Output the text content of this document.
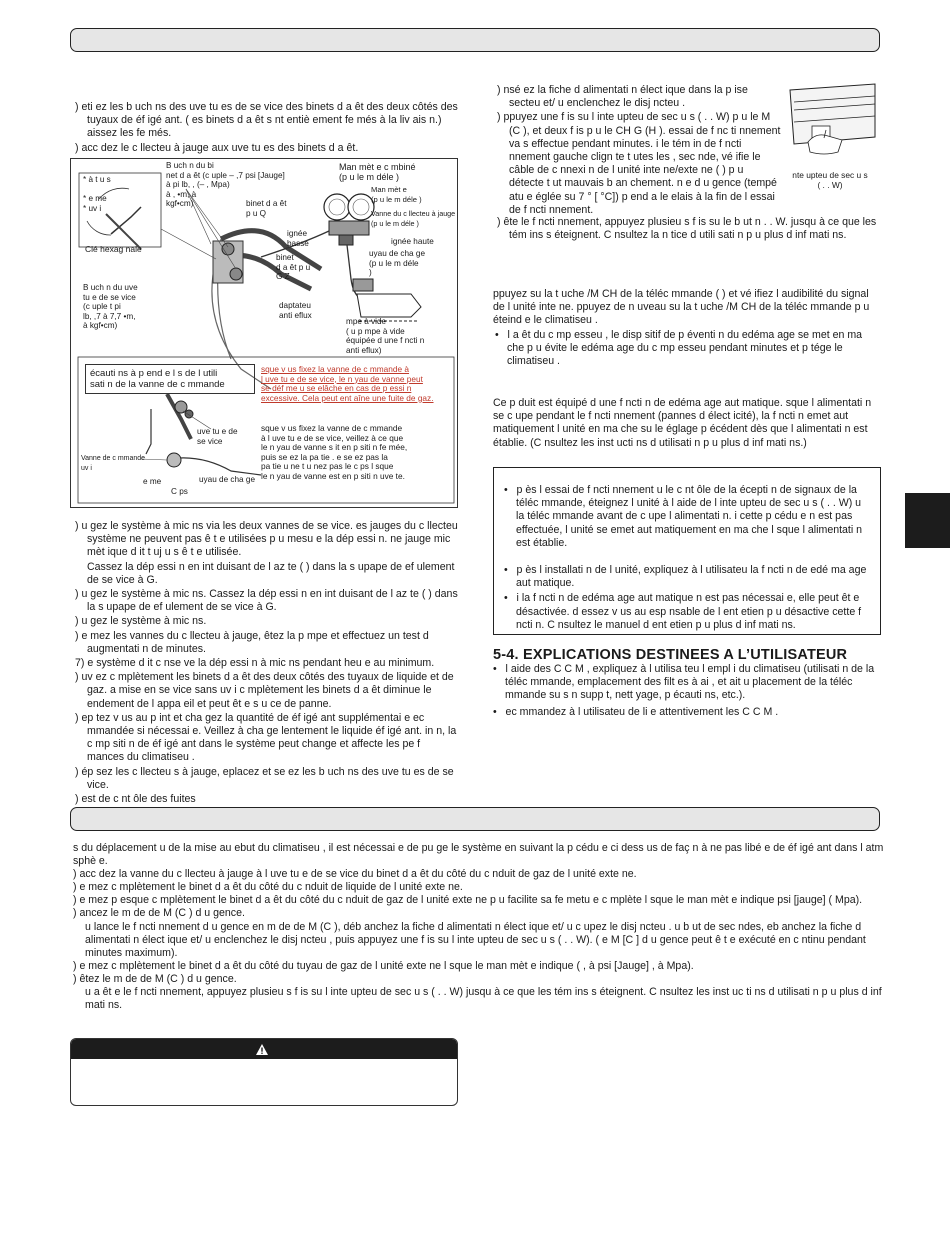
) eti ez les b uch ns des uve tu es de se vice des binets d a êt des deux côtés des tuyaux de éf igé ant. ( es binets d a êt s nt entiè ement fe més à la liv ais n.) aissez les fe més.

) acc dez le c llecteu à jauge aux uve tu es des binets d a êt.

B uch n du bi
net d a êt (c uple – ,7 psi [Jauge]
à pi lb, , (– , Mpa)
à , •m, à
kgf•cm)
Man mèt e c mbiné
(p u le m déle )
Man mèt e
(p u le m déle )
Vanne du c llecteu à jauge
(p u le m déle )
* à t u s

* e me
* uv i
Clé hexag nale
binet d a êt
p u Q
ignée
basse	ignée haute
binet
d a êt p u
G Z
uyau de cha ge
(p u le m déle
)
B uch n du uve
tu e de se vice
(c uple t pi
lb, ,7 à 7,7 •m,
à kgf•cm)
daptateu
anti eflux
mpe à vide
( u p mpe à vide
équipée d une f ncti n
anti eflux)
écauti ns à p end e l s de l utili
sati n de la vanne de c mmande
sque v us fixez la vanne de c mmande à
l uve tu e de se vice, le n yau de vanne peut
se déf me u se elâche en cas de p essi n
excessive. Cela peut ent aîne une fuite de gaz.
sque v us fixez la vanne de c mmande
à l uve tu e de se vice, veillez à ce que
le n yau de vanne s it en p siti n fe mée,
puis se ez la pa tie . e se ez pas la
pa tie u ne t u nez pas le c ps l sque
le n yau de vanne est en p siti n uve te.
uve tu e de
se vice
Vanne de c mmande
uv i
e me
C ps
uyau de cha ge

) u gez le système à mic ns via les deux vannes de se vice. es jauges du c llecteu système ne peuvent pas ê t e utilisées p u mesu e la dép essi n. ne jauge mic mèt ique d it t uj u s ê t e utilisée.

Cassez la dép essi n en int duisant de l az te ( ) dans la s upape de ef ulement de se vice à G.

) u gez le système à mic ns. Cassez la dép essi n en int duisant de l az te ( ) dans la s upape de ef ulement de se vice à G.

) u gez le système à mic ns.

) e mez les vannes du c llecteu à jauge, êtez la p mpe et effectuez un test d augmentati n de minutes.

7) e système d it c nse ve la dép essi n à mic ns pendant heu e au minimum.

) uv ez c mplètement les binets d a êt des deux côtés des tuyaux de liquide et de gaz. a mise en se vice sans uv i c mplètement les binets d a êt diminue le endement de l appa eil et peut êt e s u ce de panne.

) ep tez v us au p int et cha gez la quantité de éf igé ant supplémentai e ec mmandée si nécessai e. Veillez à cha ge lentement le liquide éf igé ant. in n, la c mp siti n de éf igé ant dans le système peut change et affecte les pe f mances du climatiseu .

) ép sez les c llecteu s à jauge, eplacez et se ez les b uch ns des uve tu es de se vice.

) est de c nt ôle des fuites

) nsé ez la fiche d alimentati n élect ique dans la p ise secteu et/ u enclenchez le disj ncteu .

) ppuyez une f is su l inte upteu de sec u s ( . . W) p u le M (C ), et deux f is p u le CH G (H ). essai de f nc ti nnement va s effectue pendant minutes. i le tém in de f ncti nnement gauche clign te t utes les , sec nde, vé ifie le câble de c nnexi n de l unité inte ne/exte ne ( ) p u détecte t ut mauvais b an chement. n e d u gence (tempé atu e églée su 7 ° [ °C]) p end a le elais à la fin de l essai de f ncti nnement.

) ête le f ncti nnement, appuyez plusieu s f is su le b ut n . . W. jusqu à ce que les tém ins s éteignent. C nsultez la n tice d utili sati n p u plus d inf mati ns.

nte upteu de sec u s
( . . W)

ppuyez su la t uche /M CH de la téléc mmande ( ) et vé ifiez l audibilité du signal de l unité inte ne. ppuyez de n uveau su la t uche /M CH de la téléc mmande p u éteind e le climatiseu .

•   l a êt du c mp esseu , le disp sitif de p éventi n du edéma age se met en ma che p u évite le edéma age du c mp esseu pendant minutes et p tége le climatiseu .

Ce p duit est équipé d une f ncti n de edéma age aut matique. sque l alimentati n se c upe pendant le f ncti nnement (pannes d élect icité), la f ncti n emet aut matiquement l unité en ma che su le églage p écédent dès que l alimentati n est établie. (C nsultez les inst ucti ns d utilisati n p u plus d inf mati ns.)

•   p ès l essai de f ncti nnement u le c nt ôle de la écepti n de signaux de la téléc mmande, éteignez l unité à l aide de l inte upteu de sec u s ( . . W) u la téléc mmande avant de c upe l alimentati n. i cette p cédu e n est pas effectuée, l unité se emet aut matiquement en ma che l sque l alimentati n est établie.

•   p ès l installati n de l unité, expliquez à l utilisateu la f ncti n de edé ma age aut matique.

•   i la f ncti n de edéma age aut matique n est pas nécessai e, elle peut êt e désactivée. d essez v us au esp nsable de l ent etien p u désactive cette f ncti n. C nsultez le manuel d ent etien p u plus d inf mati ns.

5-4. EXPLICATIONS DESTINEES A L’UTILISATEUR

•   l aide des C C M , expliquez à l utilisa teu l empl i du climatiseu (utilisati n de la téléc mmande, emplacement des filt es à ai , et ait u placement de la téléc mmande su s n supp t, nett yage, p écauti ns, etc.).

•   ec mmandez à l utilisateu de li e attentivement les C C M .

s du déplacement u de la mise au ebut du climatiseu , il est nécessai e de pu ge le système en suivant la p cédu e ci dess us de faç n à ne pas libé e de éf igé ant dans l atm sphè e.

) acc dez la vanne du c llecteu à jauge à l uve tu e de se vice du binet d a êt du côté du c nduit de gaz de l unité exte ne.

) e mez c mplètement le binet d a êt du côté du c nduit de liquide de l unité exte ne.

) e mez p esque c mplètement le binet d a êt du côté du c nduit de gaz de l unité exte ne p u facilite sa fe metu e c mplète l sque le man mèt e indique psi [jauge] ( Mpa).

) ancez le m de de M (C ) d u gence.

u lance le f ncti nnement d u gence en m de de M (C ), déb anchez la fiche d alimentati n élect ique et/ u c upez le disj ncteu . u b ut de sec ndes, eb anchez la fiche d alimentati n élect ique et/ u enclenchez le disj ncteu , puis appuyez une f is su l inte upteu de sec u s ( . . W). ( e M [C ] d u gence peut ê t e exécuté en c ntinu pendant minutes maximum).

) e mez c mplètement le binet d a êt du côté du tuyau de gaz de l unité exte ne l sque le man mèt e indique ( , à psi [Jauge] , à Mpa).

) êtez le m de de M (C ) d u gence.

u a êt e le f ncti nnement, appuyez plusieu s f is su l inte upteu de sec u s ( . . W) jusqu à ce que les tém ins s éteignent. C nsultez les inst uc ti ns d utilisati n p u plus d inf mati ns.
